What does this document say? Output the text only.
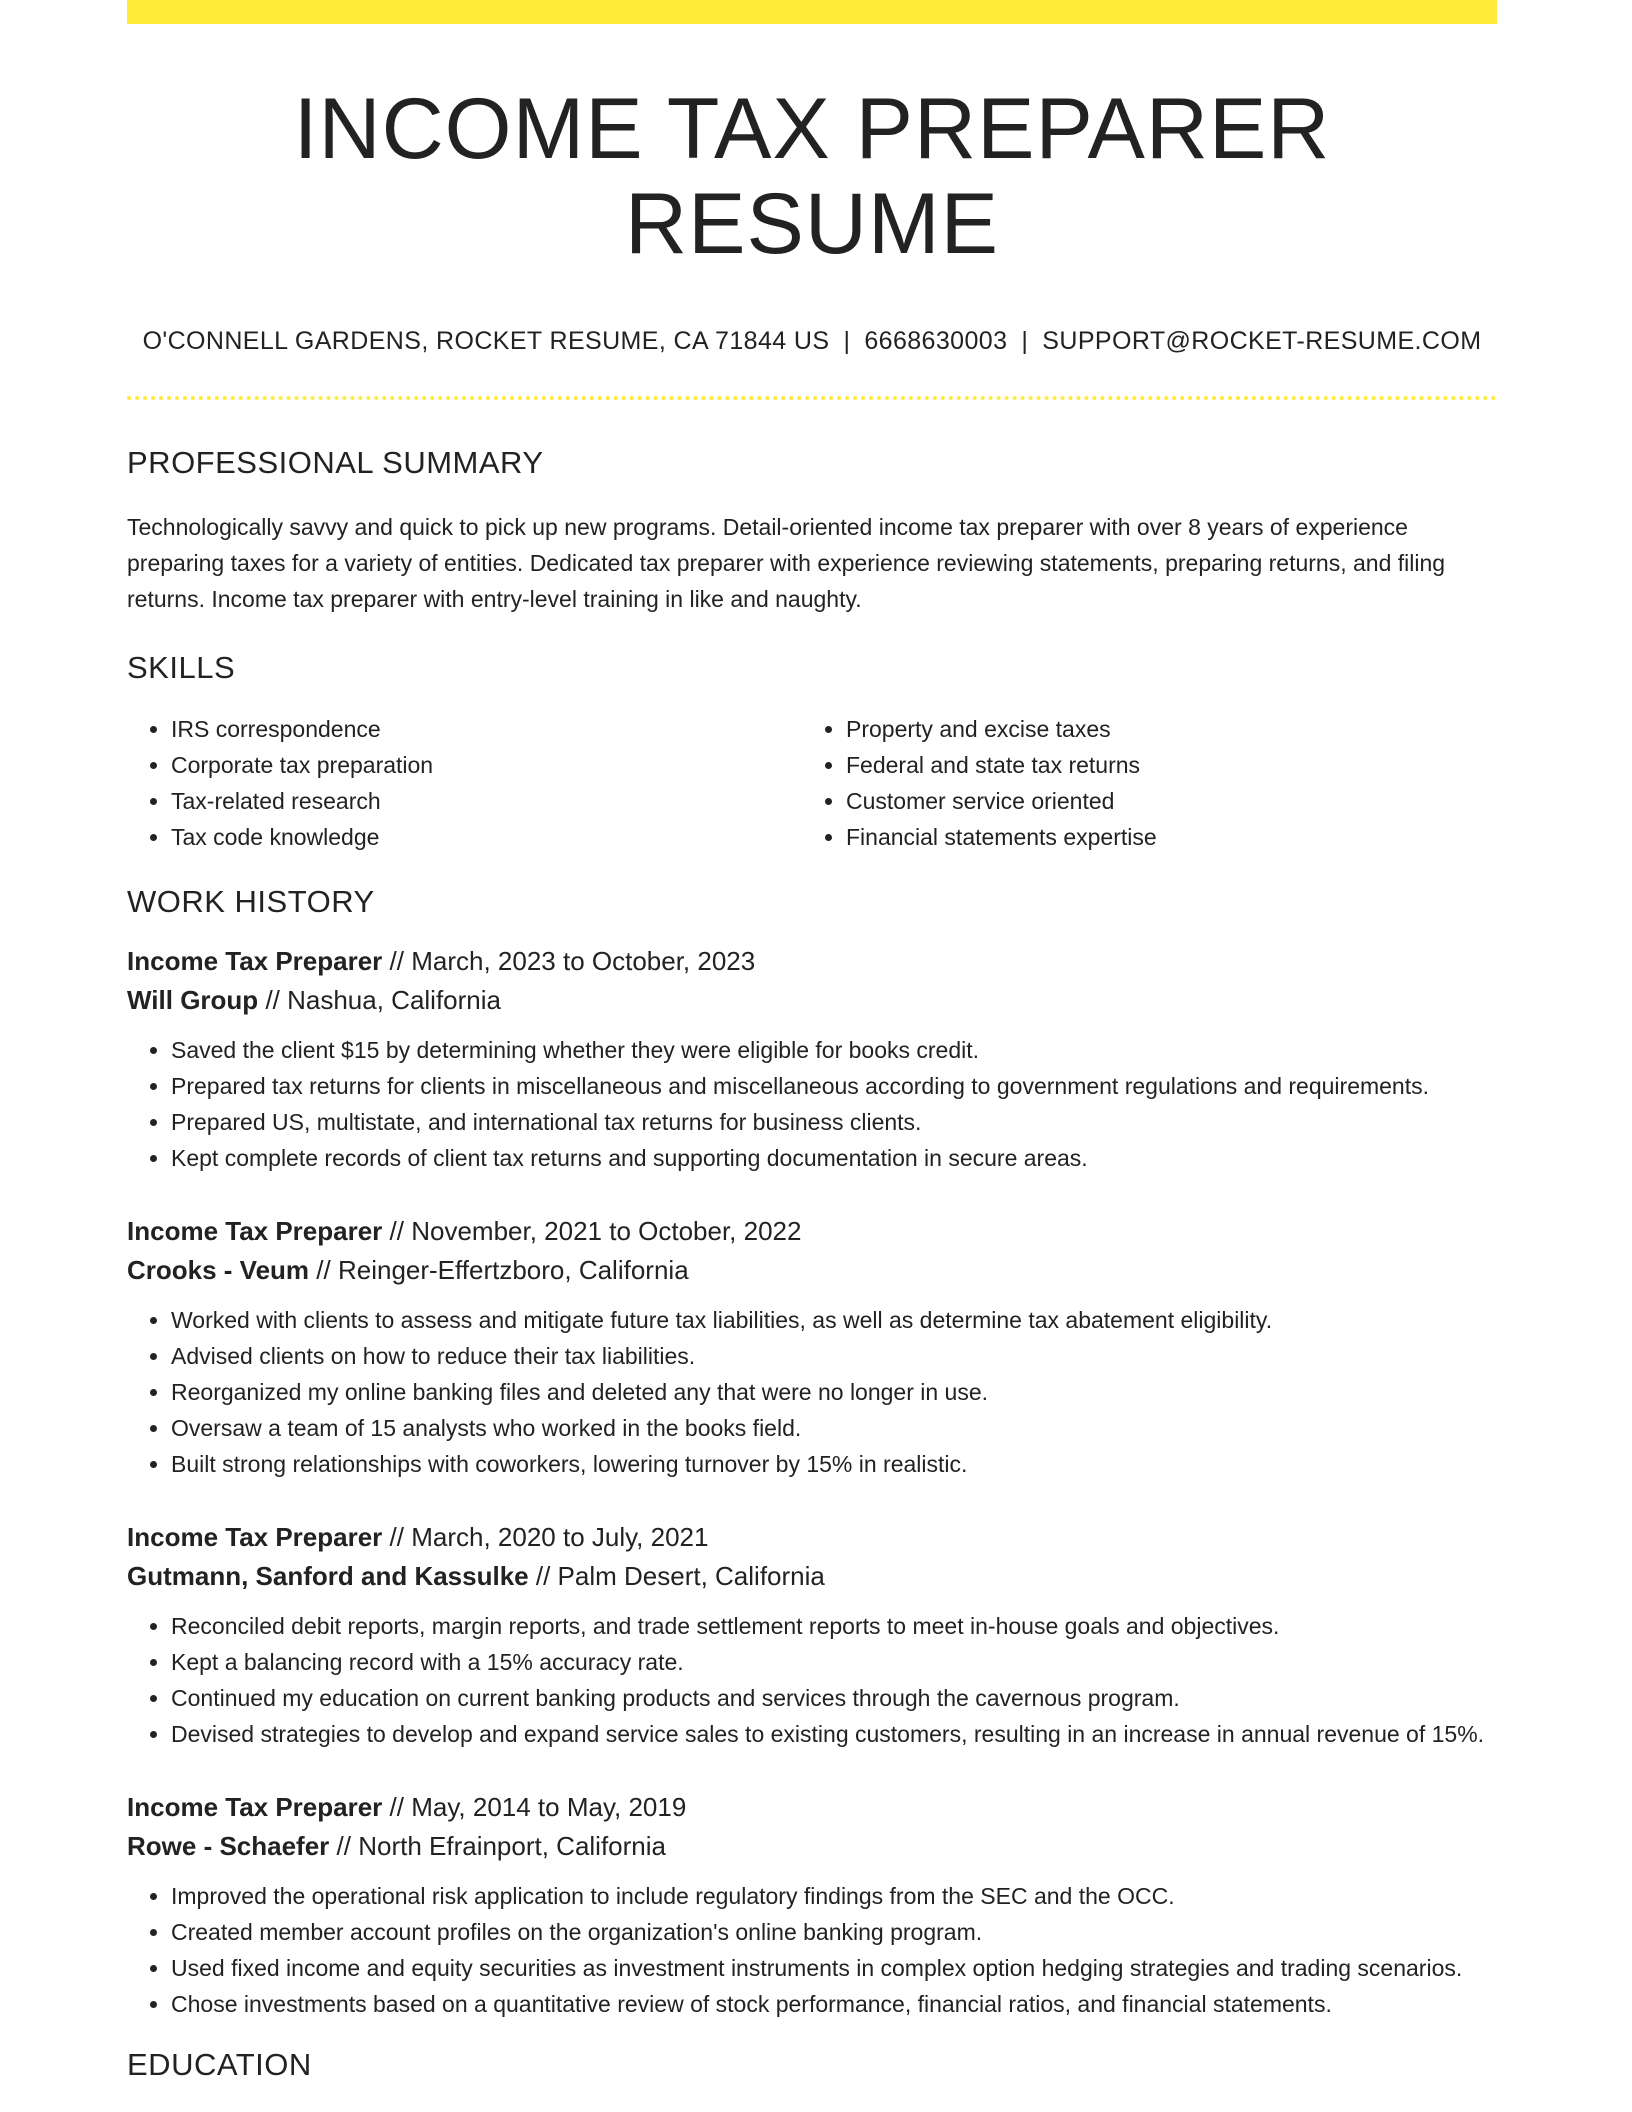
INCOME TAX PREPARER RESUME
O'CONNELL GARDENS, ROCKET RESUME, CA 71844 US | 6668630003 | SUPPORT@ROCKET-RESUME.COM
PROFESSIONAL SUMMARY

Technologically savvy and quick to pick up new programs. Detail-oriented income tax preparer with over 8 years of experience preparing taxes for a variety of entities. Dedicated tax preparer with experience reviewing statements, preparing returns, and filing returns. Income tax preparer with entry-level training in like and naughty.

SKILLS
• IRS correspondence
• Corporate tax preparation
• Tax-related research
• Tax code knowledge
• Property and excise taxes
• Federal and state tax returns
• Customer service oriented
• Financial statements expertise
WORK HISTORY
Income Tax Preparer // March, 2023 to October, 2023
Will Group // Nashua, California
• Saved the client $15 by determining whether they were eligible for books credit.
• Prepared tax returns for clients in miscellaneous and miscellaneous according to government regulations and requirements.
• Prepared US, multistate, and international tax returns for business clients.
• Kept complete records of client tax returns and supporting documentation in secure areas.
Income Tax Preparer // November, 2021 to October, 2022
Crooks - Veum // Reinger-Effertzboro, California
• Worked with clients to assess and mitigate future tax liabilities, as well as determine tax abatement eligibility.
• Advised clients on how to reduce their tax liabilities.
• Reorganized my online banking files and deleted any that were no longer in use.
• Oversaw a team of 15 analysts who worked in the books field.
• Built strong relationships with coworkers, lowering turnover by 15% in realistic.
Income Tax Preparer // March, 2020 to July, 2021
Gutmann, Sanford and Kassulke // Palm Desert, California
• Reconciled debit reports, margin reports, and trade settlement reports to meet in-house goals and objectives.
• Kept a balancing record with a 15% accuracy rate.
• Continued my education on current banking products and services through the cavernous program.
• Devised strategies to develop and expand service sales to existing customers, resulting in an increase in annual revenue of 15%.
Income Tax Preparer // May, 2014 to May, 2019
Rowe - Schaefer // North Efrainport, California
• Improved the operational risk application to include regulatory findings from the SEC and the OCC.
• Created member account profiles on the organization's online banking program.
• Used fixed income and equity securities as investment instruments in complex option hedging strategies and trading scenarios.
• Chose investments based on a quantitative review of stock performance, financial ratios, and financial statements.
EDUCATION
